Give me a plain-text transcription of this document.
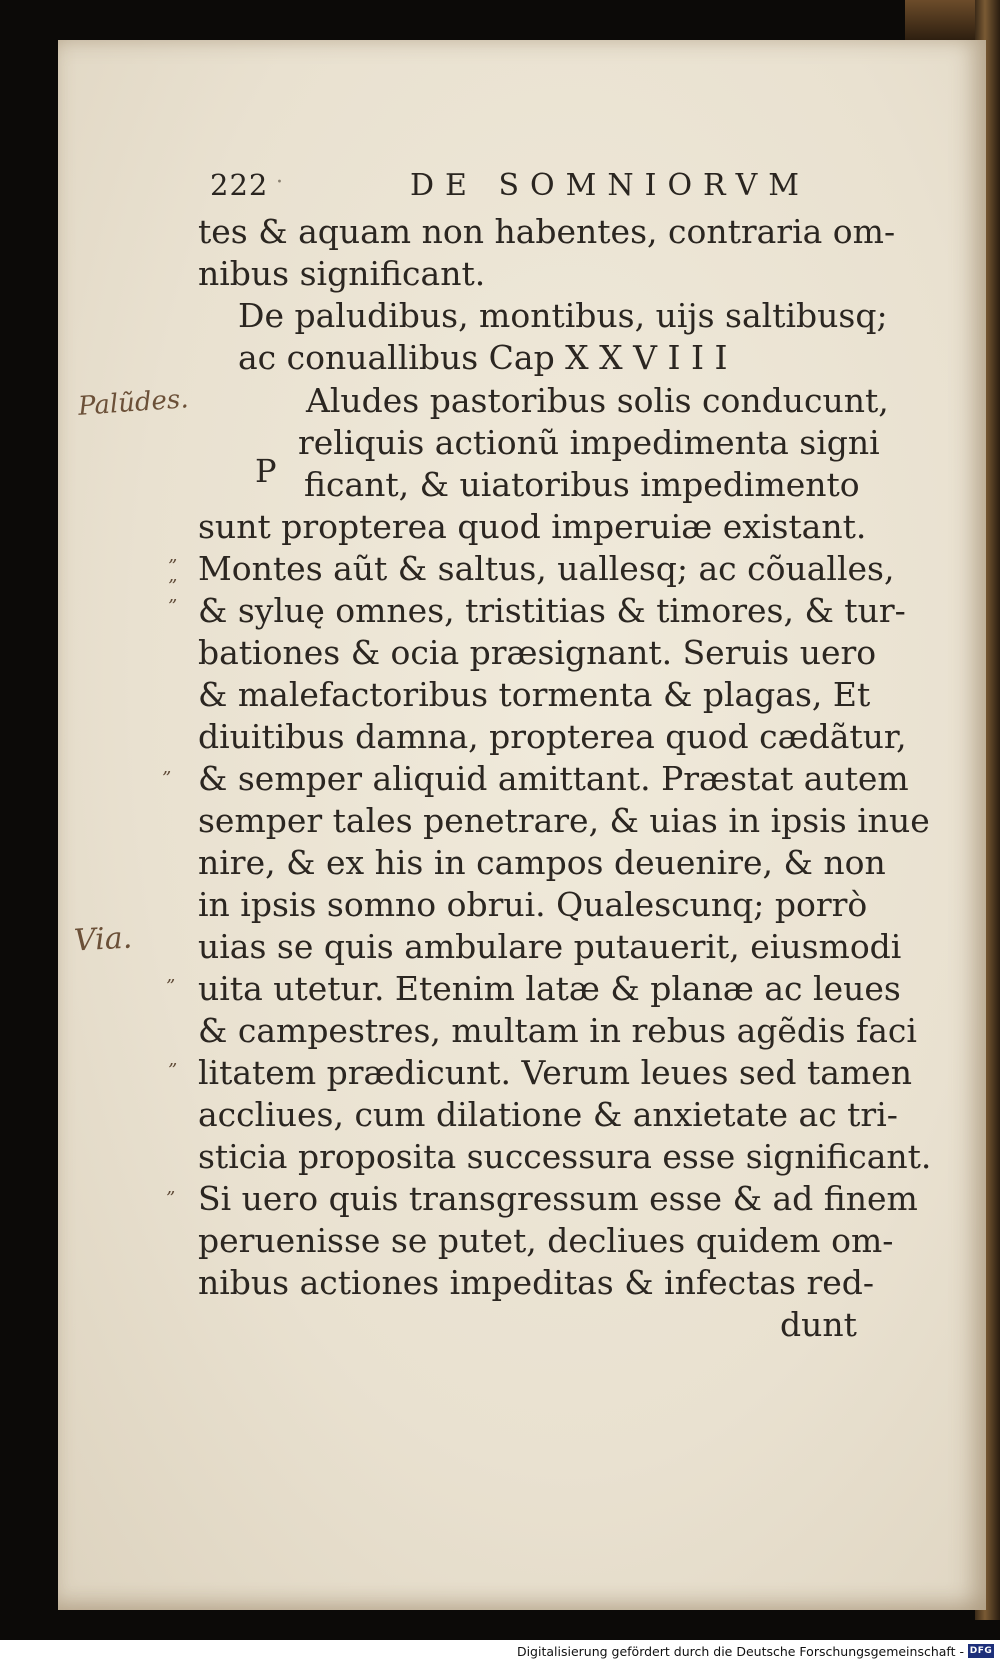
222 ·	DE SOMNIORVM
tes & aquam non habentes, contraria om-
nibus significant.
De paludibus, montibus, uijs saltibusq;
ac conuallibus Cap X X V I I I
Aludes pastoribus solis conducunt,
P
reliquis actionũ impedimenta signi
ficant, & uiatoribus impedimento
sunt propterea quod imperuiæ existant.
Montes aũt & saltus, uallesq; ac cõualles,
& syluę omnes, tristitias & timores, & tur-
bationes & ocia præsignant. Seruis uero
& malefactoribus tormenta & plagas, Et
diuitibus damna, propterea quod cædãtur,
& semper aliquid amittant. Præstat autem
semper tales penetrare, & uias in ipsis inue
nire, & ex his in campos deuenire, & non
in ipsis somno obrui. Qualescunq; porrò
uias se quis ambulare putauerit, eiusmodi
uita utetur. Etenim latæ & planæ ac leues
& campestres, multam in rebus agẽdis faci
litatem prædicunt. Verum leues sed tamen
accliues, cum dilatione & anxietate ac tri-
sticia proposita successura esse significant.
Si uero quis transgressum esse & ad finem
peruenisse se putet, decliues quidem om-
nibus actiones impeditas & infectas red-
dunt
Palũdes.
Via.
”
”
”
”
”
”
”
Digitalisierung gefördert durch die Deutsche Forschungsgemeinschaft - DFG
